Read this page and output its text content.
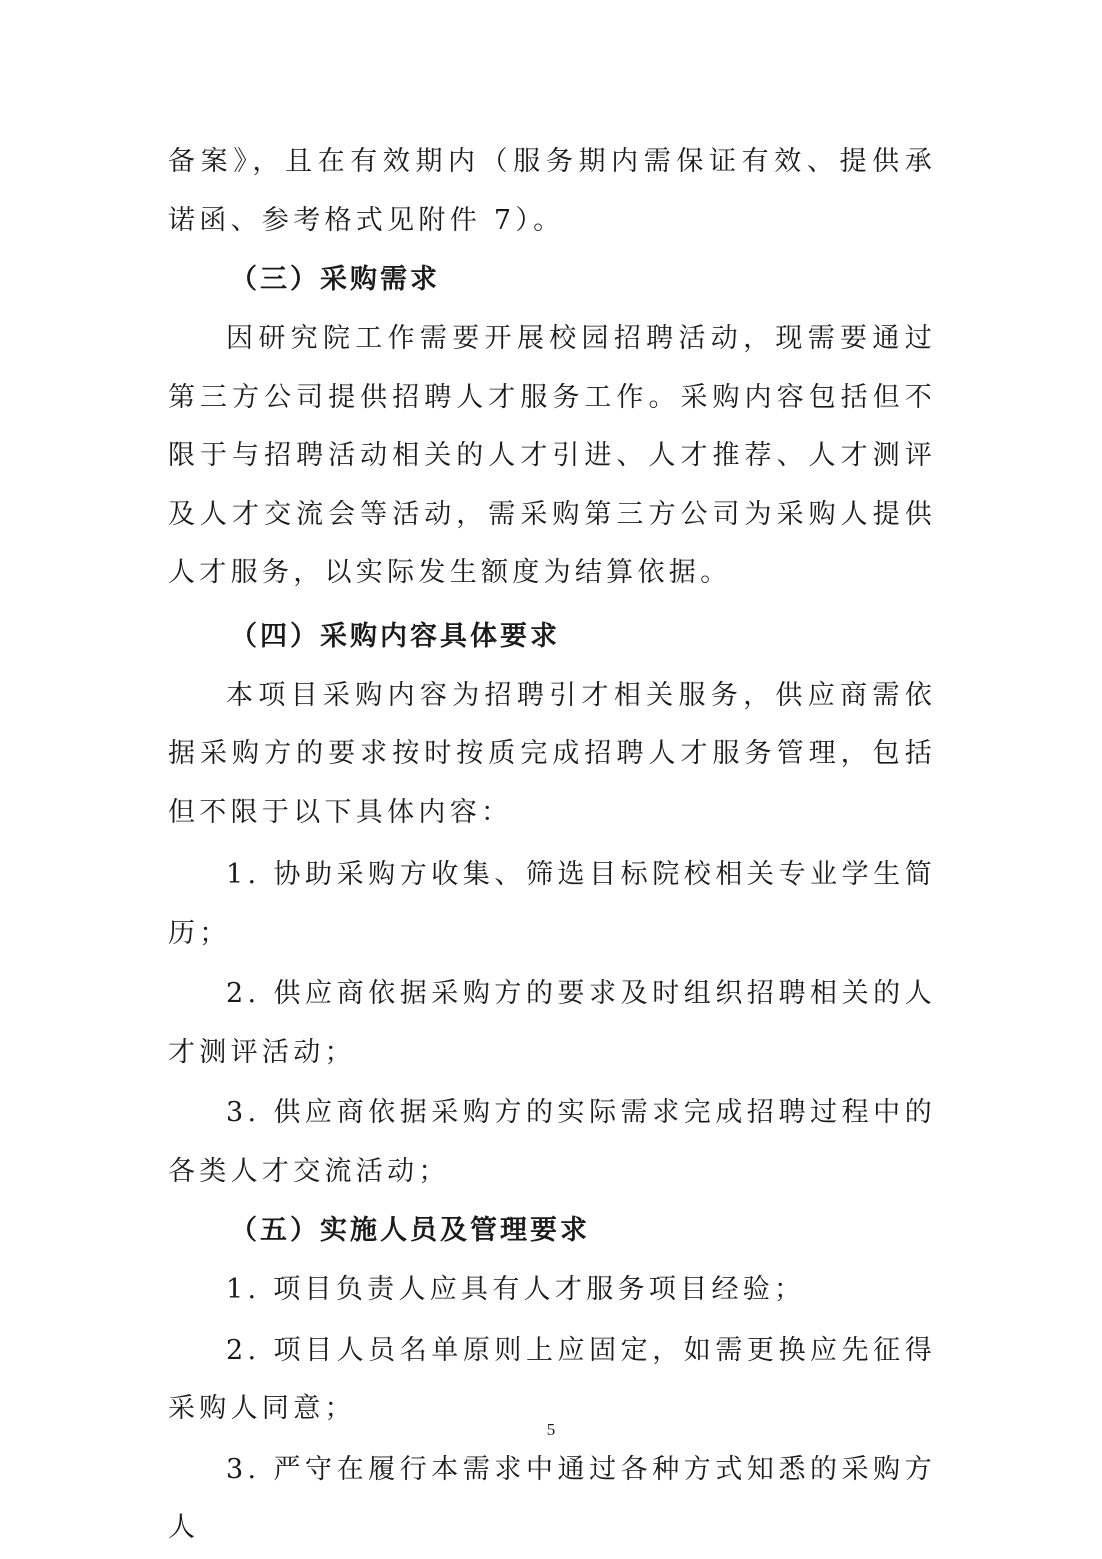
备案》，且在有效期内（服务期内需保证有效、提供承诺函、参考格式见附件 7）。

（三）采购需求

因研究院工作需要开展校园招聘活动，现需要通过第三方公司提供招聘人才服务工作。采购内容包括但不限于与招聘活动相关的人才引进、人才推荐、人才测评及人才交流会等活动，需采购第三方公司为采购人提供人才服务，以实际发生额度为结算依据。

（四）采购内容具体要求

本项目采购内容为招聘引才相关服务，供应商需依据采购方的要求按时按质完成招聘人才服务管理，包括但不限于以下具体内容：

1. 协助采购方收集、筛选目标院校相关专业学生简历；

2. 供应商依据采购方的要求及时组织招聘相关的人才测评活动；

3. 供应商依据采购方的实际需求完成招聘过程中的各类人才交流活动；

（五）实施人员及管理要求

1. 项目负责人应具有人才服务项目经验；

2. 项目人员名单原则上应固定，如需更换应先征得采购人同意；

3. 严守在履行本需求中通过各种方式知悉的采购方人

5
